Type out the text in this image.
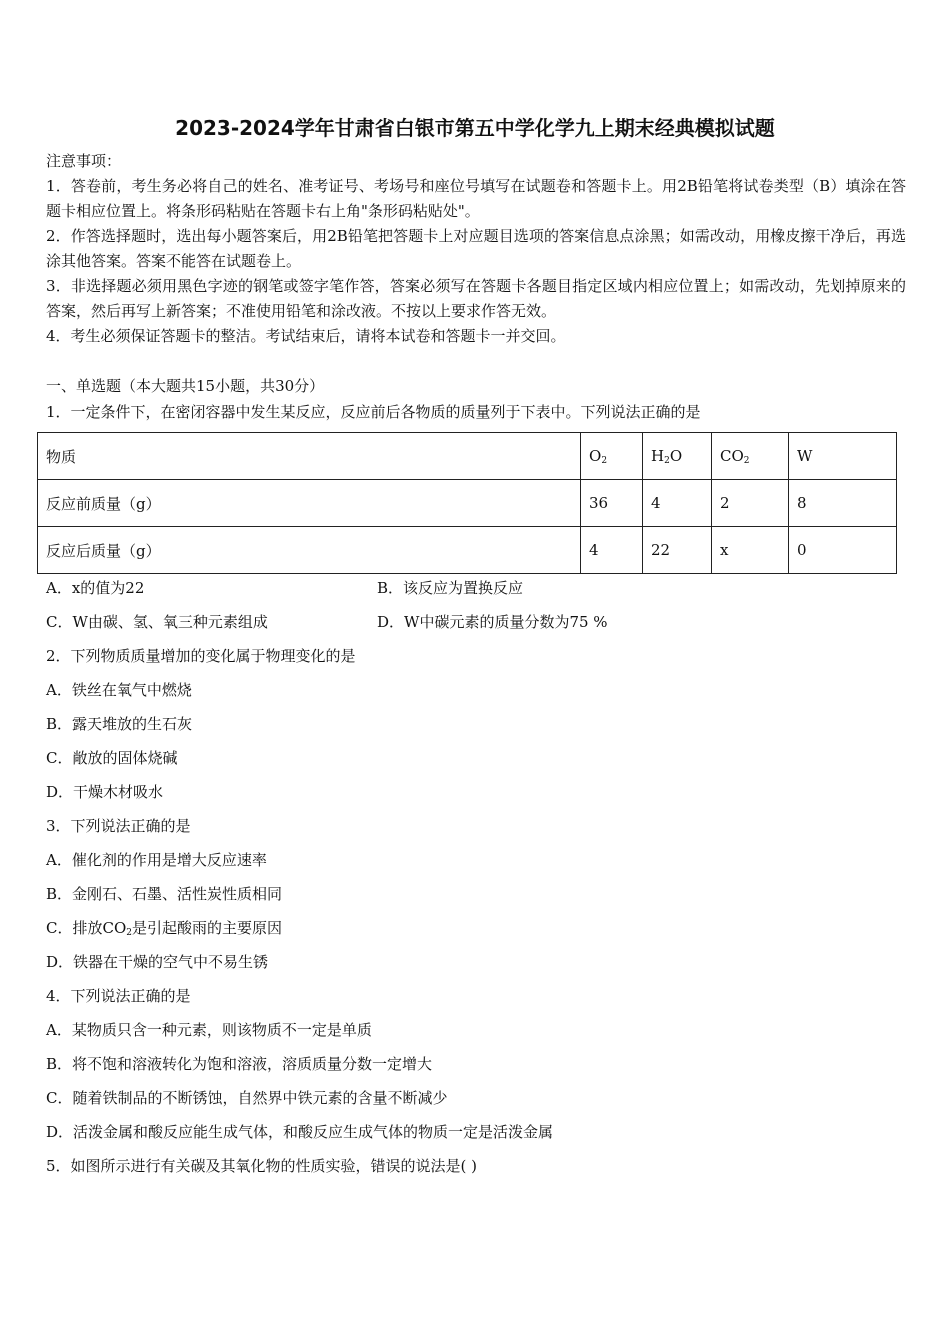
2023-2024学年甘肃省白银市第五中学化学九上期末经典模拟试题

注意事项：

1．答卷前，考生务必将自己的姓名、准考证号、考场号和座位号填写在试题卷和答题卡上。用2B铅笔将试卷类型（B）填涂在答题卡相应位置上。将条形码粘贴在答题卡右上角"条形码粘贴处"。

2．作答选择题时，选出每小题答案后，用2B铅笔把答题卡上对应题目选项的答案信息点涂黑；如需改动，用橡皮擦干净后，再选涂其他答案。答案不能答在试题卷上。

3．非选择题必须用黑色字迹的钢笔或签字笔作答，答案必须写在答题卡各题目指定区域内相应位置上；如需改动，先划掉原来的答案，然后再写上新答案；不准使用铅笔和涂改液。不按以上要求作答无效。

4．考生必须保证答题卡的整洁。考试结束后，请将本试卷和答题卡一并交回。

一、单选题（本大题共15小题，共30分）
1．一定条件下，在密闭容器中发生某反应，反应前后各物质的质量列于下表中。下列说法正确的是
物质	$O_2$	$H_2O$	$CO_2$	W
反应前质量（g）	36	4	2	8
反应后质量（g）	4	22	x	0
A．x的值为22	B．该反应为置换反应
C．W由碳、氢、氧三种元素组成	D．W中碳元素的质量分数为75 %
2．下列物质质量增加的变化属于物理变化的是
A．铁丝在氧气中燃烧
B．露天堆放的生石灰
C．敞放的固体烧碱
D．干燥木材吸水
3．下列说法正确的是
A．催化剂的作用是增大反应速率
B．金刚石、石墨、活性炭性质相同
C．排放$CO_2$是引起酸雨的主要原因
D．铁器在干燥的空气中不易生锈
4．下列说法正确的是
A．某物质只含一种元素，则该物质不一定是单质
B．将不饱和溶液转化为饱和溶液，溶质质量分数一定增大
C．随着铁制品的不断锈蚀，自然界中铁元素的含量不断减少
D．活泼金属和酸反应能生成气体，和酸反应生成气体的物质一定是活泼金属
5．如图所示进行有关碳及其氧化物的性质实验，错误的说法是( )
